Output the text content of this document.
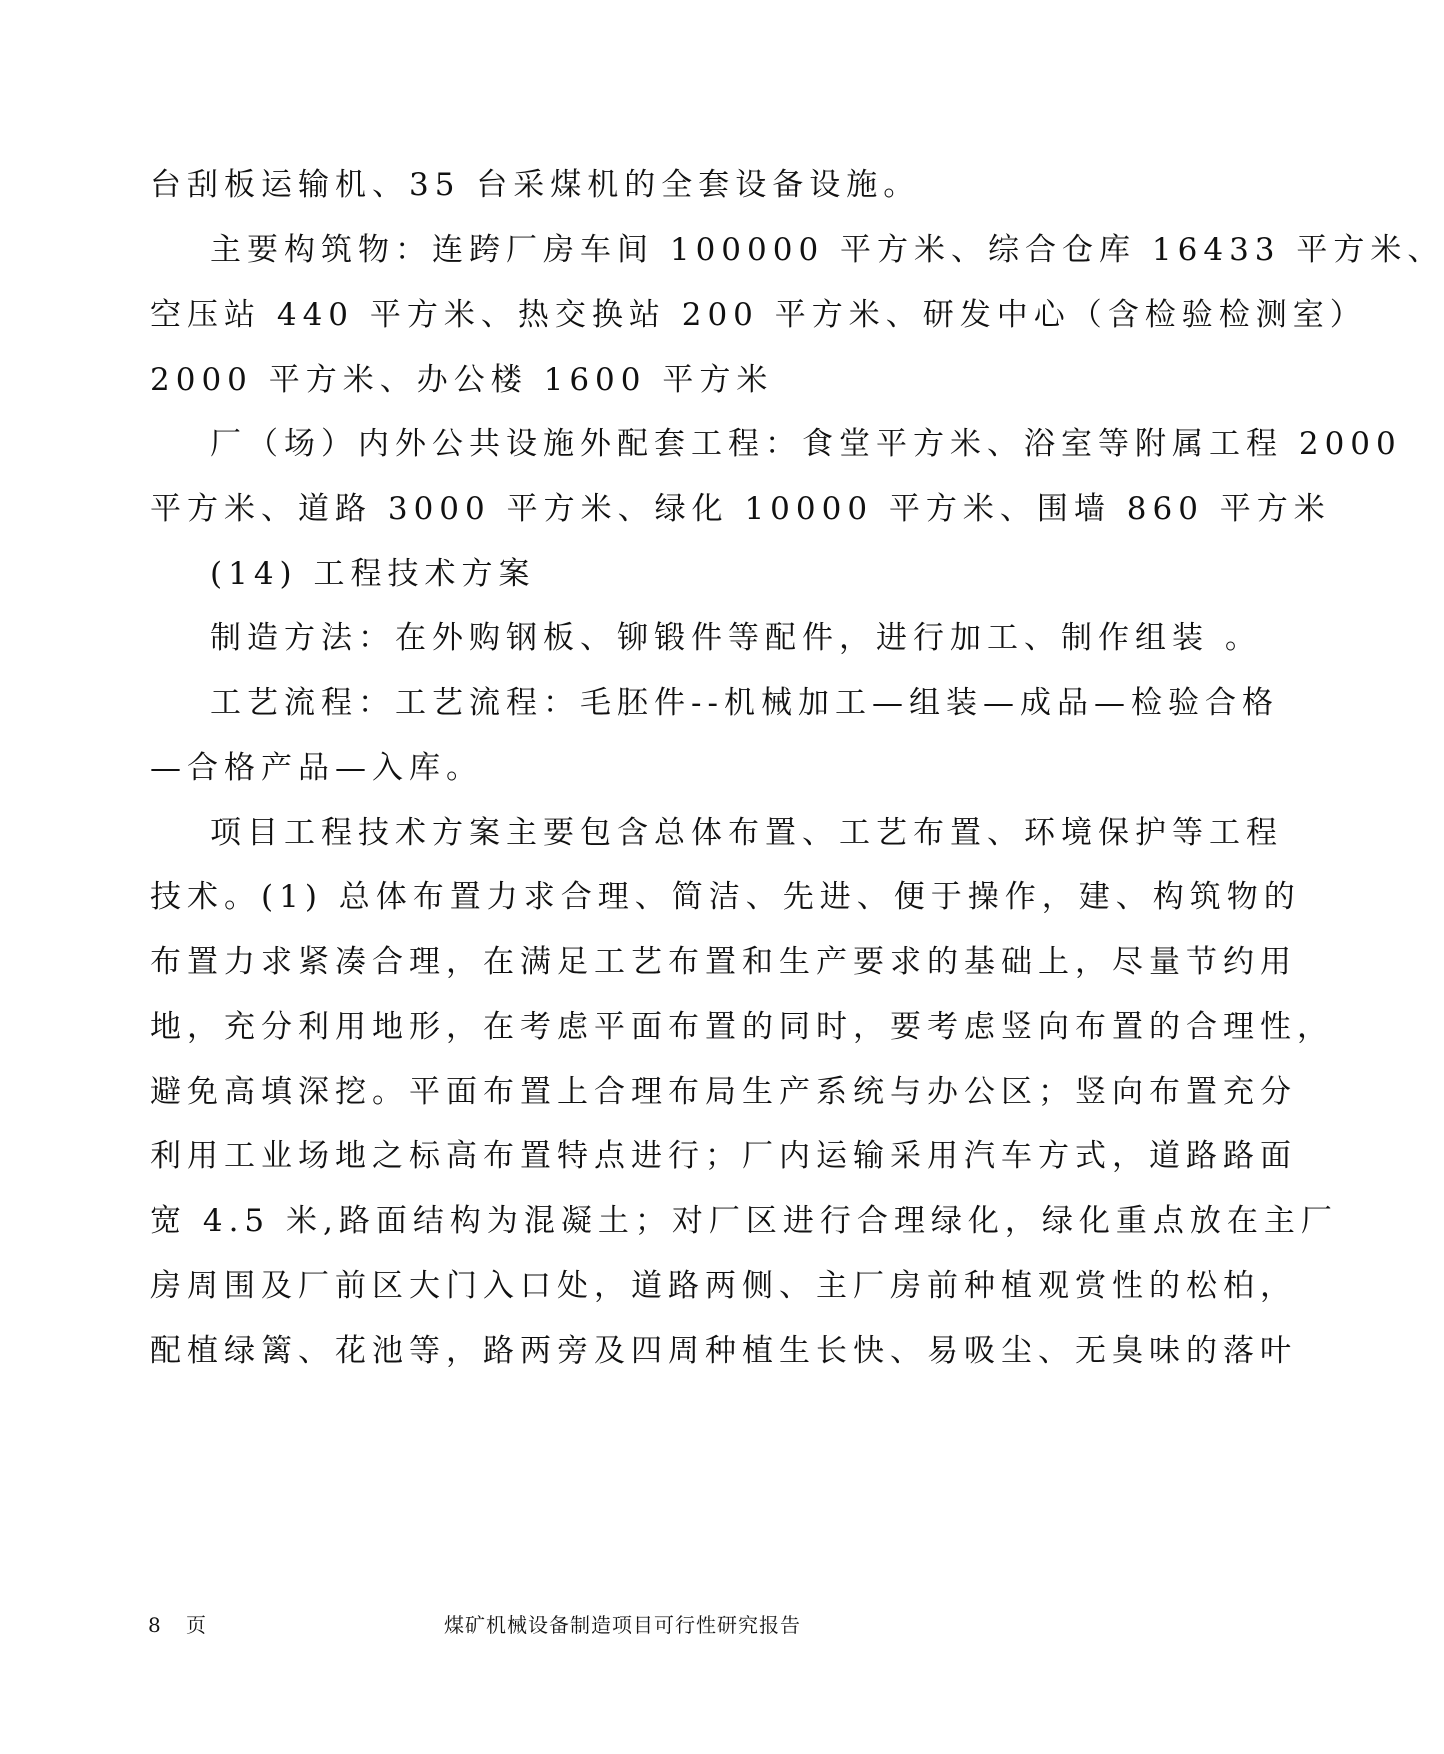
台刮板运输机、35 台采煤机的全套设备设施。
主要构筑物：连跨厂房车间 100000 平方米、综合仓库 16433 平方米、
空压站 440 平方米、热交换站 200 平方米、研发中心（含检验检测室）
2000 平方米、办公楼 1600 平方米
厂（场）内外公共设施外配套工程：食堂平方米、浴室等附属工程 2000
平方米、道路 3000 平方米、绿化 10000 平方米、围墙 860 平方米
(14) 工程技术方案
制造方法：在外购钢板、铆锻件等配件，进行加工、制作组装 。
工艺流程：工艺流程：毛胚件--机械加工—组装—成品—检验合格
—合格产品—入库。
项目工程技术方案主要包含总体布置、工艺布置、环境保护等工程
技术。(1) 总体布置力求合理、简洁、先进、便于操作，建、构筑物的
布置力求紧凑合理，在满足工艺布置和生产要求的基础上，尽量节约用
地，充分利用地形，在考虑平面布置的同时，要考虑竖向布置的合理性，
避免高填深挖。平面布置上合理布局生产系统与办公区；竖向布置充分
利用工业场地之标高布置特点进行；厂内运输采用汽车方式，道路路面
宽 4.5 米,路面结构为混凝土；对厂区进行合理绿化，绿化重点放在主厂
房周围及厂前区大门入口处，道路两侧、主厂房前种植观赏性的松柏，
配植绿篱、花池等，路两旁及四周种植生长快、易吸尘、无臭味的落叶
8 页	煤矿机械设备制造项目可行性研究报告
